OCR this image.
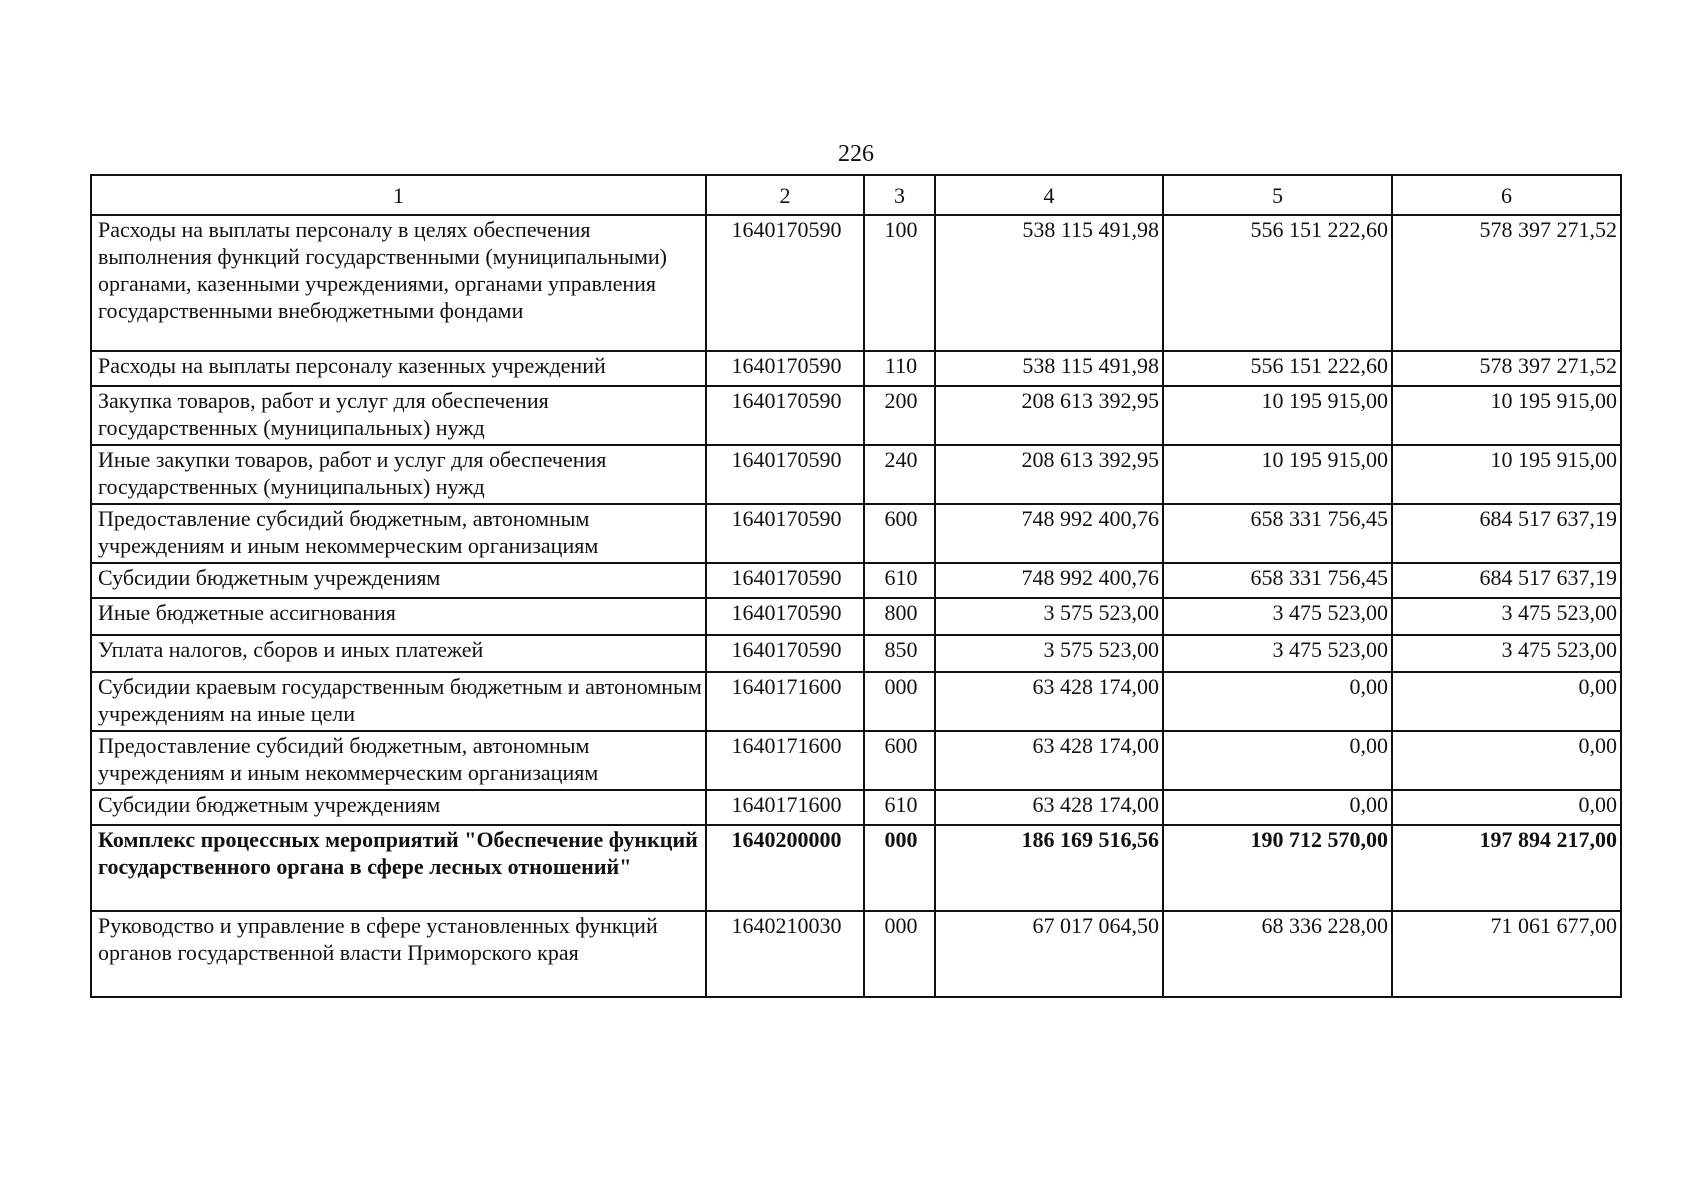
226
1	2	3	4	5	6
Расходы на выплаты персоналу в целях обеспечения выполнения функций государственными (муниципальными) органами, казенными учреждениями, органами управления государственными внебюджетными фондами	1640170590	100	538 115 491,98	556 151 222,60	578 397 271,52
Расходы на выплаты персоналу казенных учреждений	1640170590	110	538 115 491,98	556 151 222,60	578 397 271,52
Закупка товаров, работ и услуг для обеспечения государственных (муниципальных) нужд	1640170590	200	208 613 392,95	10 195 915,00	10 195 915,00
Иные закупки товаров, работ и услуг для обеспечения государственных (муниципальных) нужд	1640170590	240	208 613 392,95	10 195 915,00	10 195 915,00
Предоставление субсидий бюджетным, автономным учреждениям и иным некоммерческим организациям	1640170590	600	748 992 400,76	658 331 756,45	684 517 637,19
Субсидии бюджетным учреждениям	1640170590	610	748 992 400,76	658 331 756,45	684 517 637,19
Иные бюджетные ассигнования	1640170590	800	3 575 523,00	3 475 523,00	3 475 523,00
Уплата налогов, сборов и иных платежей	1640170590	850	3 575 523,00	3 475 523,00	3 475 523,00
Субсидии краевым государственным бюджетным и автономным учреждениям на иные цели	1640171600	000	63 428 174,00	0,00	0,00
Предоставление субсидий бюджетным, автономным учреждениям и иным некоммерческим организациям	1640171600	600	63 428 174,00	0,00	0,00
Субсидии бюджетным учреждениям	1640171600	610	63 428 174,00	0,00	0,00
Комплекс процессных мероприятий "Обеспечение функций государственного органа в сфере лесных отношений"	1640200000	000	186 169 516,56	190 712 570,00	197 894 217,00
Руководство и управление в сфере установленных функций органов государственной власти Приморского края	1640210030	000	67 017 064,50	68 336 228,00	71 061 677,00
